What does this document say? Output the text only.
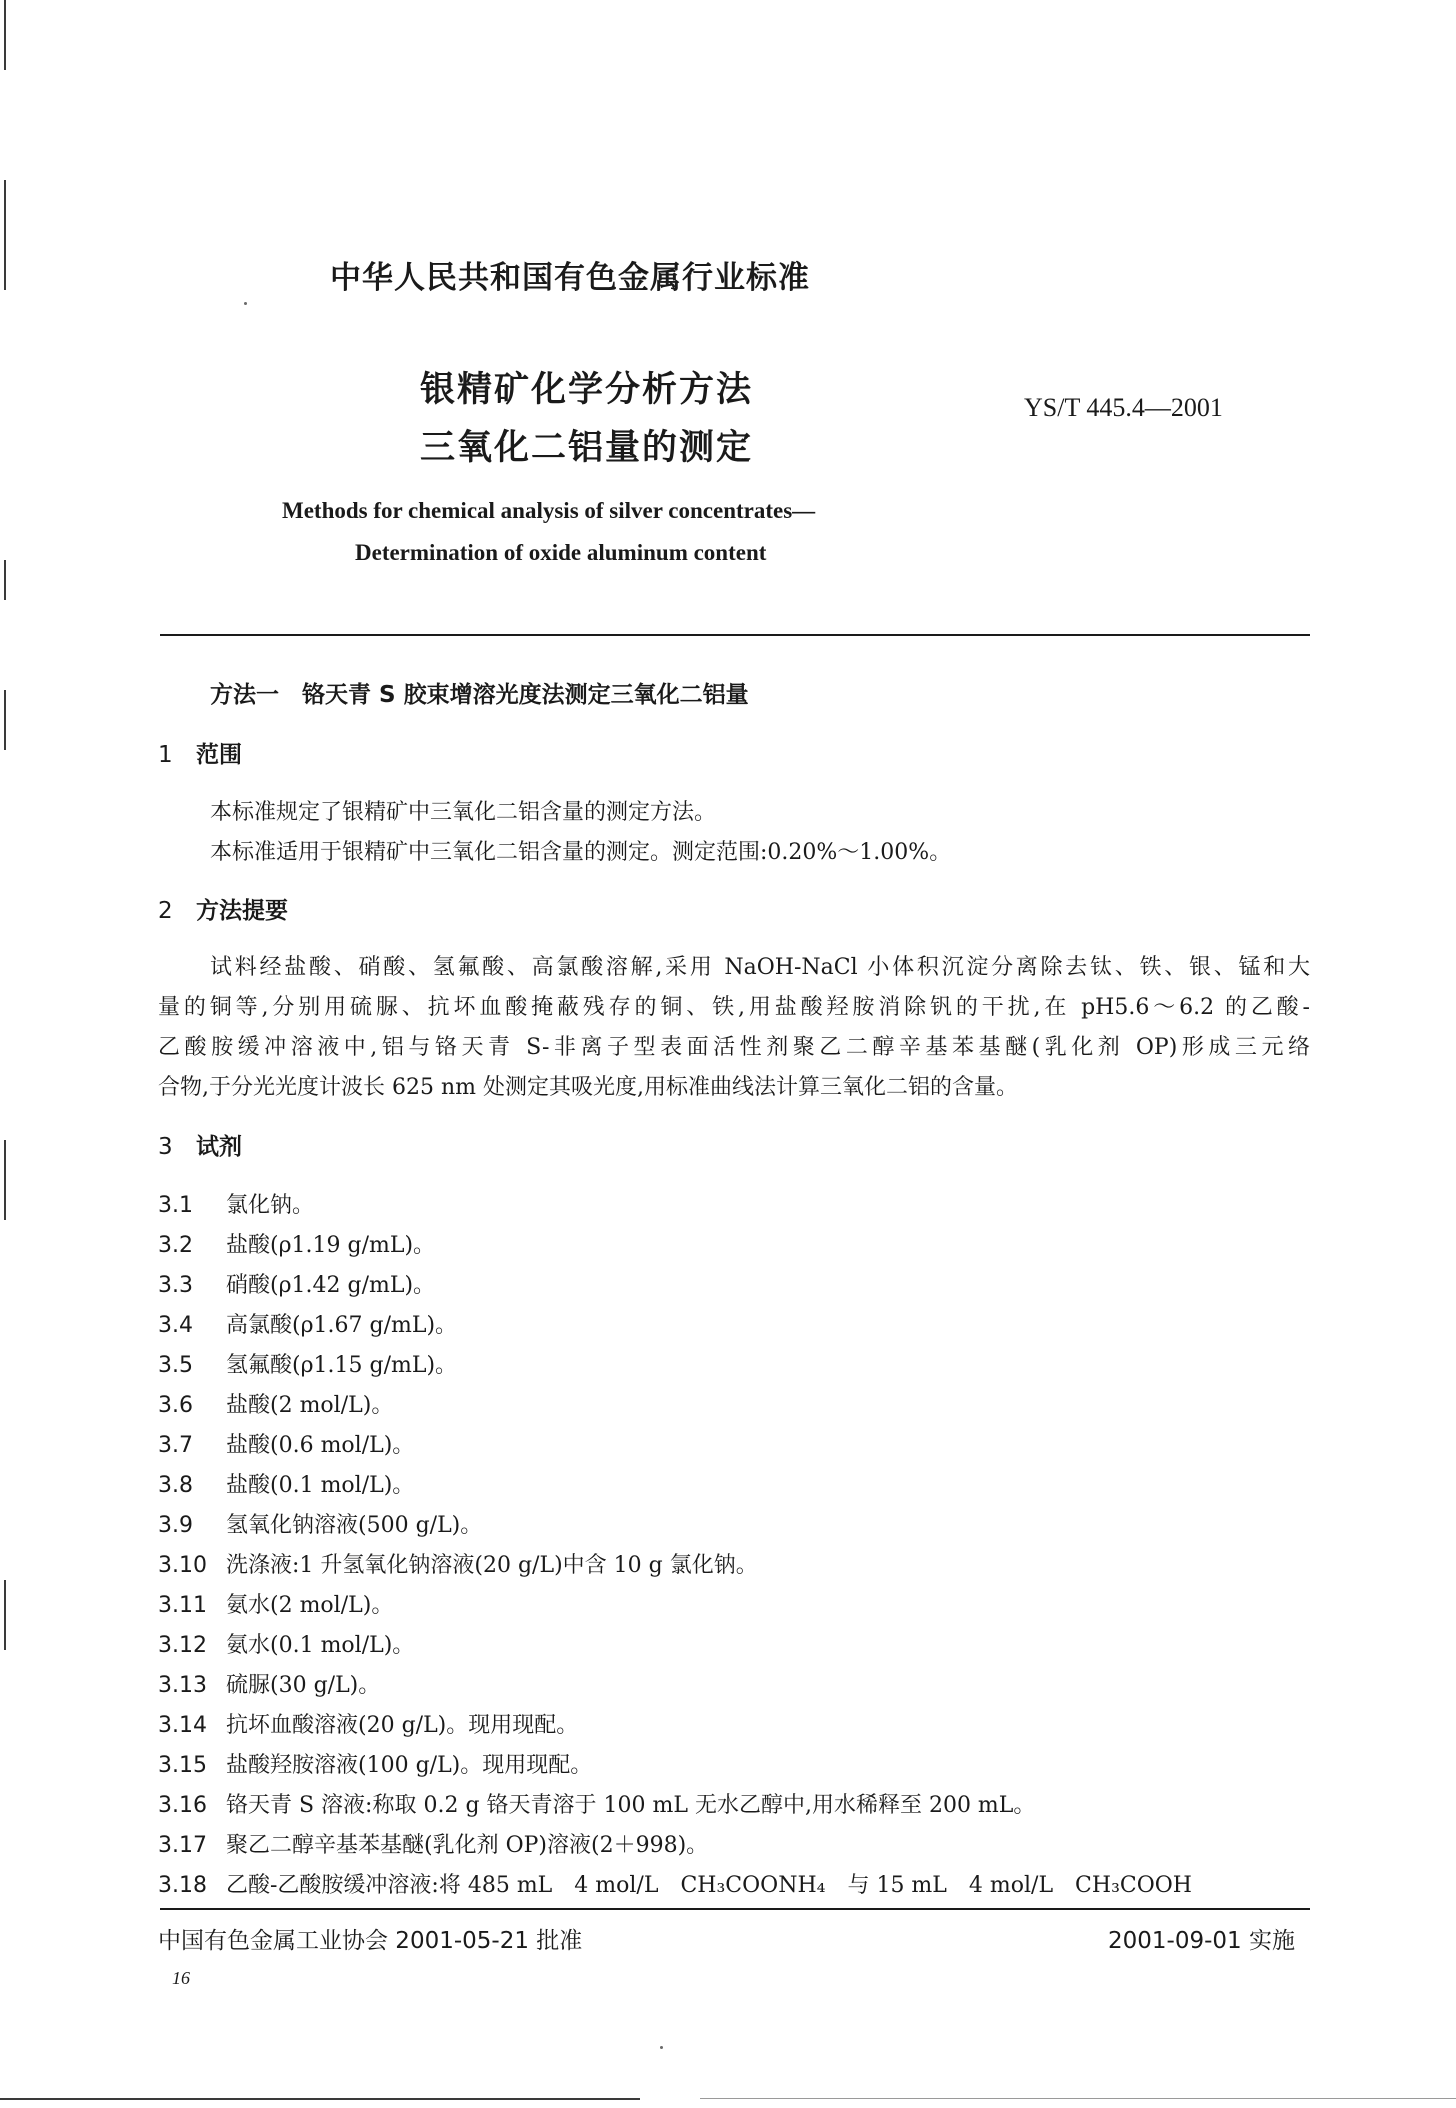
中华人民共和国有色金属行业标准
银精矿化学分析方法
三氧化二铝量的测定
YS/T 445.4—2001
Methods for chemical analysis of silver concentrates—
Determination of oxide aluminum content
方法一　铬天青 S 胶束增溶光度法测定三氧化二铝量
1 范围
本标准规定了银精矿中三氧化二铝含量的测定方法。
本标准适用于银精矿中三氧化二铝含量的测定。测定范围:0.20%～1.00%。
2 方法提要

试料经盐酸、硝酸、氢氟酸、高氯酸溶解,采用 NaOH-NaCl 小体积沉淀分离除去钛、铁、银、锰和大

量的铜等,分别用硫脲、抗坏血酸掩蔽残存的铜、铁,用盐酸羟胺消除钒的干扰,在 pH5.6～6.2 的乙酸-

乙酸胺缓冲溶液中,铝与铬天青 S-非离子型表面活性剂聚乙二醇辛基苯基醚(乳化剂 OP)形成三元络

合物,于分光光度计波长 625 nm 处测定其吸光度,用标准曲线法计算三氧化二铝的含量。

3 试剂
3.1 氯化钠。
3.2 盐酸(ρ1.19 g/mL)。
3.3 硝酸(ρ1.42 g/mL)。
3.4 高氯酸(ρ1.67 g/mL)。
3.5 氢氟酸(ρ1.15 g/mL)。
3.6 盐酸(2 mol/L)。
3.7 盐酸(0.6 mol/L)。
3.8 盐酸(0.1 mol/L)。
3.9 氢氧化钠溶液(500 g/L)。
3.10 洗涤液:1 升氢氧化钠溶液(20 g/L)中含 10 g 氯化钠。
3.11 氨水(2 mol/L)。
3.12 氨水(0.1 mol/L)。
3.13 硫脲(30 g/L)。
3.14 抗坏血酸溶液(20 g/L)。现用现配。
3.15 盐酸羟胺溶液(100 g/L)。现用现配。
3.16 铬天青 S 溶液:称取 0.2 g 铬天青溶于 100 mL 无水乙醇中,用水稀释至 200 mL。
3.17 聚乙二醇辛基苯基醚(乳化剂 OP)溶液(2＋998)。
3.18 乙酸-乙酸胺缓冲溶液:将 485 mL　4 mol/L　CH₃COONH₄　与 15 mL　4 mol/L　CH₃COOH
中国有色金属工业协会 2001-05-21 批准	2001-09-01 实施
16
